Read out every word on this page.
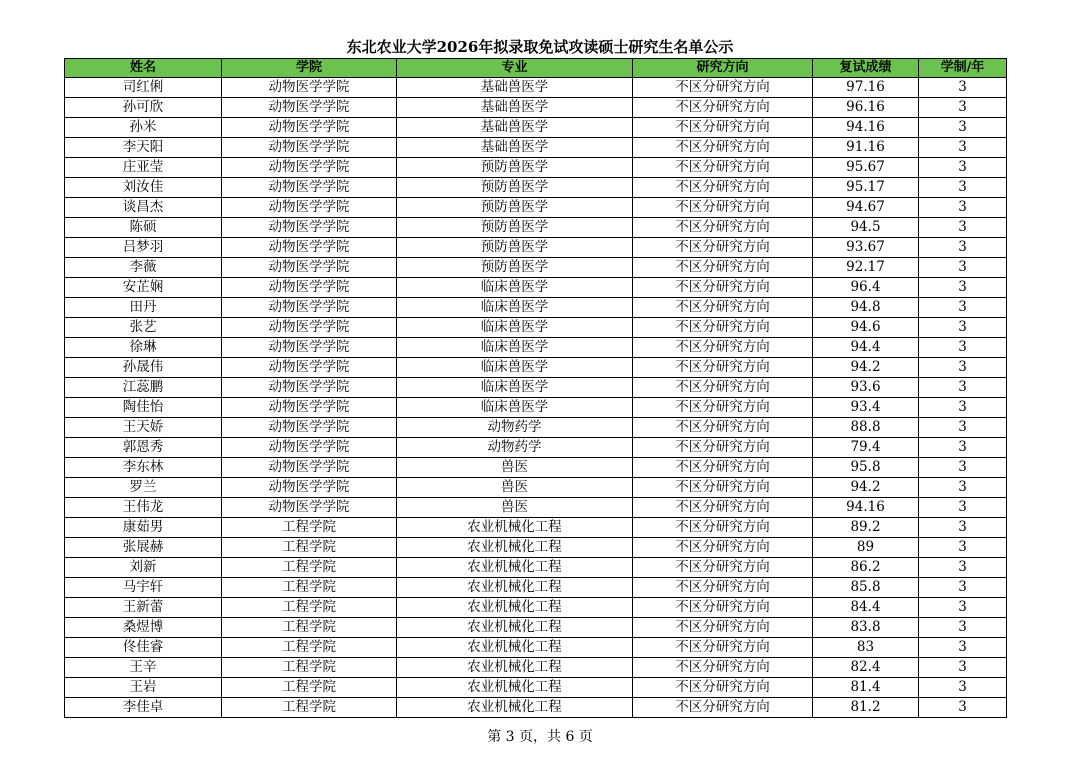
东北农业大学2026年拟录取免试攻读硕士研究生名单公示
姓名	学院	专业	研究方向	复试成绩	学制/年
司红俐	动物医学学院	基础兽医学	不区分研究方向	97.16	3
孙可欣	动物医学学院	基础兽医学	不区分研究方向	96.16	3
孙米	动物医学学院	基础兽医学	不区分研究方向	94.16	3
李天阳	动物医学学院	基础兽医学	不区分研究方向	91.16	3
庄亚莹	动物医学学院	预防兽医学	不区分研究方向	95.67	3
刘汝佳	动物医学学院	预防兽医学	不区分研究方向	95.17	3
谈昌杰	动物医学学院	预防兽医学	不区分研究方向	94.67	3
陈硕	动物医学学院	预防兽医学	不区分研究方向	94.5	3
吕梦羽	动物医学学院	预防兽医学	不区分研究方向	93.67	3
李薇	动物医学学院	预防兽医学	不区分研究方向	92.17	3
安芷娴	动物医学学院	临床兽医学	不区分研究方向	96.4	3
田丹	动物医学学院	临床兽医学	不区分研究方向	94.8	3
张艺	动物医学学院	临床兽医学	不区分研究方向	94.6	3
徐琳	动物医学学院	临床兽医学	不区分研究方向	94.4	3
孙晟伟	动物医学学院	临床兽医学	不区分研究方向	94.2	3
江蕊鹏	动物医学学院	临床兽医学	不区分研究方向	93.6	3
陶佳怡	动物医学学院	临床兽医学	不区分研究方向	93.4	3
王天娇	动物医学学院	动物药学	不区分研究方向	88.8	3
郭恩秀	动物医学学院	动物药学	不区分研究方向	79.4	3
李东林	动物医学学院	兽医	不区分研究方向	95.8	3
罗兰	动物医学学院	兽医	不区分研究方向	94.2	3
王伟龙	动物医学学院	兽医	不区分研究方向	94.16	3
康茹男	工程学院	农业机械化工程	不区分研究方向	89.2	3
张展赫	工程学院	农业机械化工程	不区分研究方向	89	3
刘新	工程学院	农业机械化工程	不区分研究方向	86.2	3
马宇轩	工程学院	农业机械化工程	不区分研究方向	85.8	3
王新蕾	工程学院	农业机械化工程	不区分研究方向	84.4	3
桑煜博	工程学院	农业机械化工程	不区分研究方向	83.8	3
佟佳睿	工程学院	农业机械化工程	不区分研究方向	83	3
王辛	工程学院	农业机械化工程	不区分研究方向	82.4	3
王岩	工程学院	农业机械化工程	不区分研究方向	81.4	3
李佳卓	工程学院	农业机械化工程	不区分研究方向	81.2	3
第 3 页，共 6 页
